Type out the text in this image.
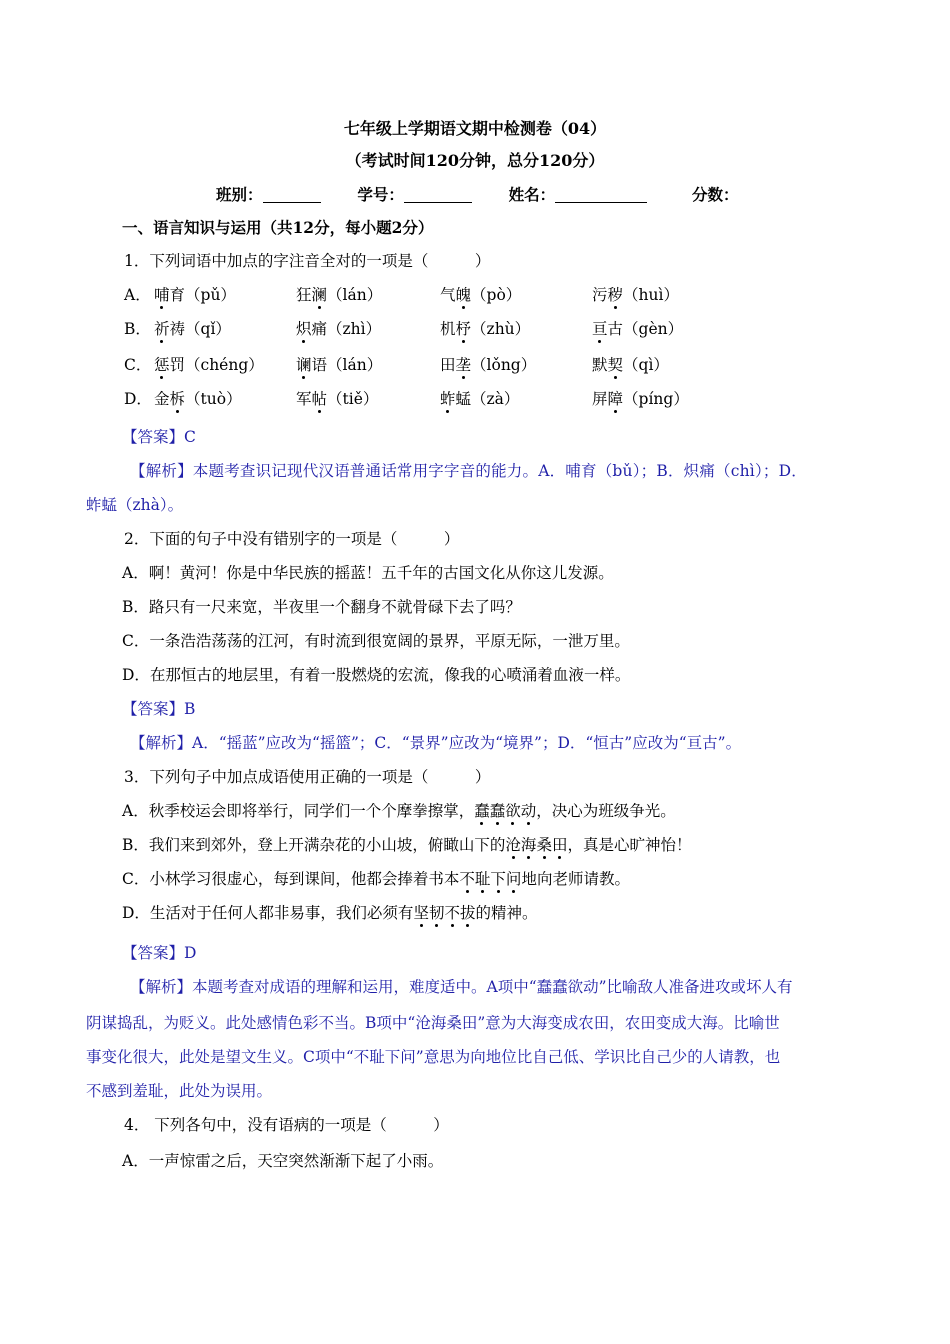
七年级上学期语文期中检测卷（04）
（考试时间120分钟，总分120分）
班别：	学号：	姓名：	分数：
一、语言知识与运用（共12分，每小题2分）
1．下列词语中加点的字注音全对的一项是（　　　）
A． 哺育（pǔ）	狂澜（lán）	气魄（pò）	污秽（huì）
B． 祈祷（qǐ）	炽痛（zhì）	机杼（zhù）	亘古（gèn）
C． 惩罚（chéng） 谰语（lán）	田垄（lǒng）	默契（qì）
D． 金柝（tuò）	军帖（tiě）	蚱蜢（zà）	屏障（píng）
【答案】C
【解析】本题考查识记现代汉语普通话常用字字音的能力。A．哺育（bǔ）；B．炽痛（chì）；D．
蚱蜢（zhà）。
2．下面的句子中没有错别字的一项是（　　　）
A．啊！黄河！你是中华民族的摇蓝！五千年的古国文化从你这儿发源。
B．路只有一尺来宽，半夜里一个翻身不就骨碌下去了吗？
C．一条浩浩荡荡的江河，有时流到很宽阔的景界，平原无际，一泄万里。
D．在那恒古的地层里，有着一股燃烧的宏流，像我的心喷涌着血液一样。
【答案】B
【解析】A．“摇蓝”应改为“摇篮”；C．“景界”应改为“境界”；D．“恒古”应改为“亘古”。
3．下列句子中加点成语使用正确的一项是（　　　）
A．秋季校运会即将举行，同学们一个个摩拳擦掌，蠢蠢欲动，决心为班级争光。
B．我们来到郊外，登上开满杂花的小山坡，俯瞰山下的沧海桑田，真是心旷神怡！
C．小林学习很虚心，每到课间，他都会捧着书本不耻下问地向老师请教。
D．生活对于任何人都非易事，我们必须有坚韧不拔的精神。
【答案】D
【解析】本题考查对成语的理解和运用，难度适中。A项中“蠢蠢欲动”比喻敌人准备进攻或坏人有
阴谋捣乱，为贬义。此处感情色彩不当。B项中“沧海桑田”意为大海变成农田，农田变成大海。比喻世
事变化很大，此处是望文生义。C项中“不耻下问”意思为向地位比自己低、学识比自己少的人请教，也
不感到羞耻，此处为误用。
4． 下列各句中，没有语病的一项是（　　　）
A．一声惊雷之后，天空突然渐渐下起了小雨。
